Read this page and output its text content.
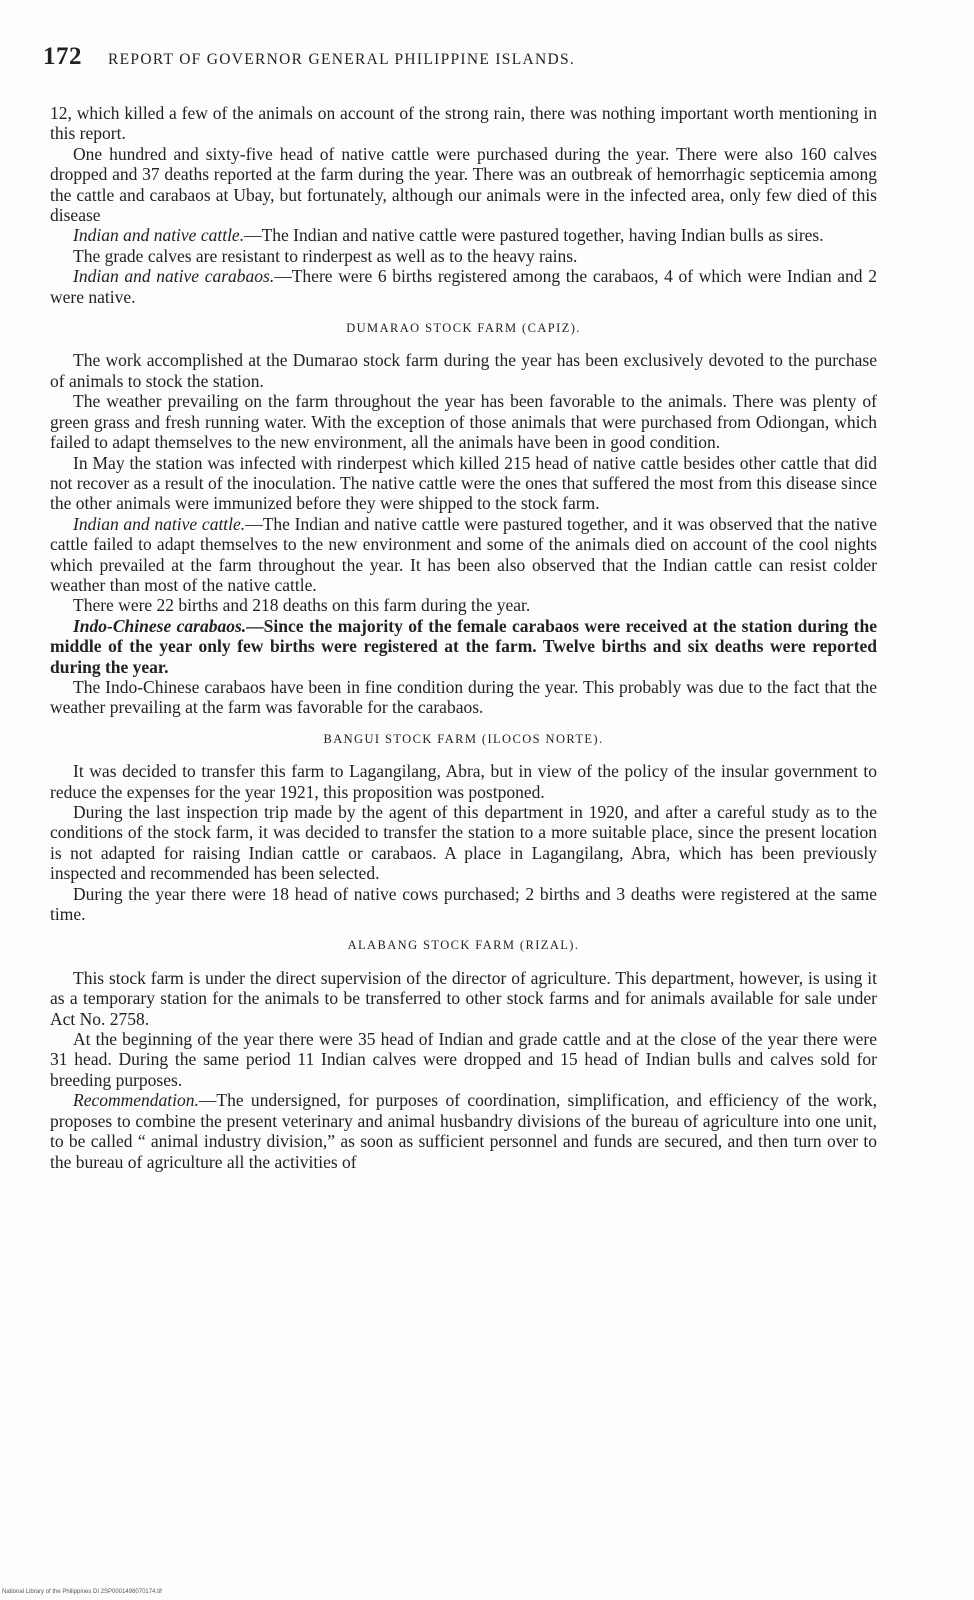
172 REPORT OF GOVERNOR GENERAL PHILIPPINE ISLANDS.

12, which killed a few of the animals on account of the strong rain, there was nothing important worth mentioning in this report.

One hundred and sixty-five head of native cattle were purchased during the year. There were also 160 calves dropped and 37 deaths reported at the farm during the year. There was an outbreak of hemorrhagic septicemia among the cattle and carabaos at Ubay, but fortunately, although our animals were in the infected area, only few died of this disease

Indian and native cattle.—The Indian and native cattle were pastured together, having Indian bulls as sires.

The grade calves are resistant to rinderpest as well as to the heavy rains.

Indian and native carabaos.—There were 6 births registered among the carabaos, 4 of which were Indian and 2 were native.

DUMARAO STOCK FARM (CAPIZ).

The work accomplished at the Dumarao stock farm during the year has been exclusively devoted to the purchase of animals to stock the station.

The weather prevailing on the farm throughout the year has been favorable to the animals. There was plenty of green grass and fresh running water. With the exception of those animals that were purchased from Odiongan, which failed to adapt themselves to the new environment, all the animals have been in good condition.

In May the station was infected with rinderpest which killed 215 head of native cattle besides other cattle that did not recover as a result of the inoculation. The native cattle were the ones that suffered the most from this disease since the other animals were immunized before they were shipped to the stock farm.

Indian and native cattle.—The Indian and native cattle were pastured together, and it was observed that the native cattle failed to adapt themselves to the new environment and some of the animals died on account of the cool nights which prevailed at the farm throughout the year. It has been also observed that the Indian cattle can resist colder weather than most of the native cattle.

There were 22 births and 218 deaths on this farm during the year.

Indo-Chinese carabaos.—Since the majority of the female carabaos were received at the station during the middle of the year only few births were registered at the farm. Twelve births and six deaths were reported during the year.

The Indo-Chinese carabaos have been in fine condition during the year. This probably was due to the fact that the weather prevailing at the farm was favorable for the carabaos.

BANGUI STOCK FARM (ILOCOS NORTE).

It was decided to transfer this farm to Lagangilang, Abra, but in view of the policy of the insular government to reduce the expenses for the year 1921, this proposition was postponed.

During the last inspection trip made by the agent of this department in 1920, and after a careful study as to the conditions of the stock farm, it was decided to transfer the station to a more suitable place, since the present location is not adapted for raising Indian cattle or carabaos. A place in Lagangilang, Abra, which has been previously inspected and recommended has been selected.

During the year there were 18 head of native cows purchased; 2 births and 3 deaths were registered at the same time.

ALABANG STOCK FARM (RIZAL).

This stock farm is under the direct supervision of the director of agriculture. This department, however, is using it as a temporary station for the animals to be transferred to other stock farms and for animals available for sale under Act No. 2758.

At the beginning of the year there were 35 head of Indian and grade cattle and at the close of the year there were 31 head. During the same period 11 Indian calves were dropped and 15 head of Indian bulls and calves sold for breeding purposes.

Recommendation.—The undersigned, for purposes of coordination, simplification, and efficiency of the work, proposes to combine the present veterinary and animal husbandry divisions of the bureau of agriculture into one unit, to be called “ animal industry division,” as soon as sufficient personnel and funds are secured, and then turn over to the bureau of agriculture all the activities of

National Library of the Philippines DI 2SP0001496070174.tif
